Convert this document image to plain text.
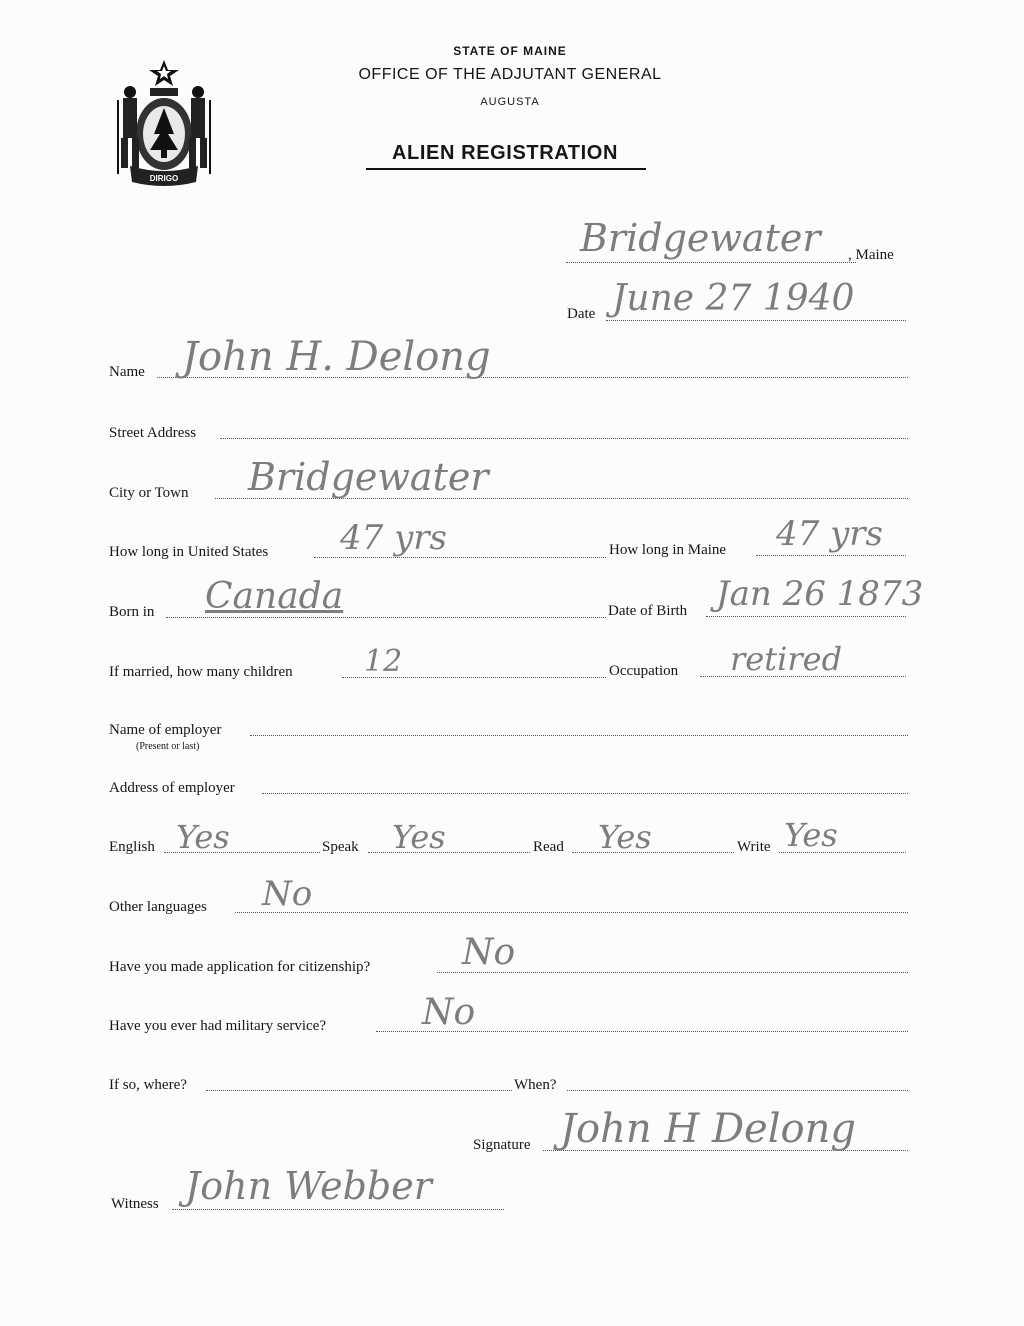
DIRIGO
STATE OF MAINE
OFFICE OF THE ADJUTANT GENERAL
AUGUSTA
ALIEN REGISTRATION
Bridgewater , Maine
Date June 27 1940
Name John H. Delong
Street Address
City or Town Bridgewater
How long in United States 47 yrs	How long in Maine 47 yrs
Born in Canada	Date of Birth Jan 26 1873
If married, how many children 12	Occupation retired
Name of employer
(Present or last)
Address of employer
English Yes	Speak Yes	Read Yes	Write Yes
Other languages No
Have you made application for citizenship?	No
Have you ever had military service?	No
If so, where?	When?
Signature John H Delong
Witness John Webber
